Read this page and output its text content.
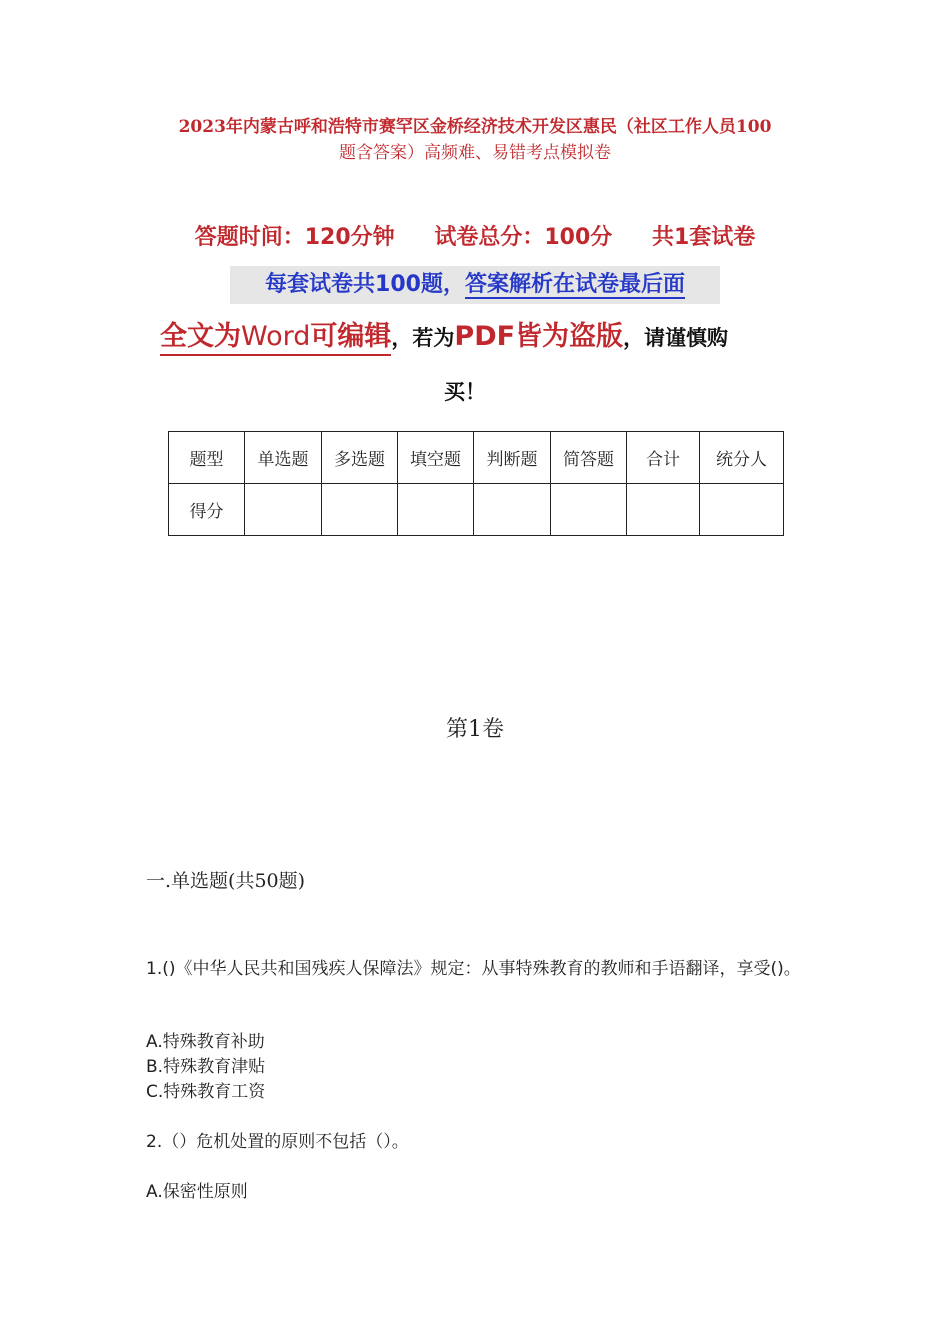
2023年内蒙古呼和浩特市赛罕区金桥经济技术开发区惠民（社区工作人员100
题含答案）高频难、易错考点模拟卷
答题时间：120分钟 试卷总分：100分 共1套试卷
每套试卷共100题，答案解析在试卷最后面
全文为Word可编辑，若为PDF皆为盗版，请谨慎购
买！
题型	单选题	多选题	填空题	判断题	简答题	合计	统分人
得分							
第1卷
一.单选题(共50题)
1.()《中华人民共和国残疾人保障法》规定：从事特殊教育的教师和手语翻译，享受()。
A.特殊教育补助
B.特殊教育津贴
C.特殊教育工资
2.（）危机处置的原则不包括（）。
A.保密性原则
